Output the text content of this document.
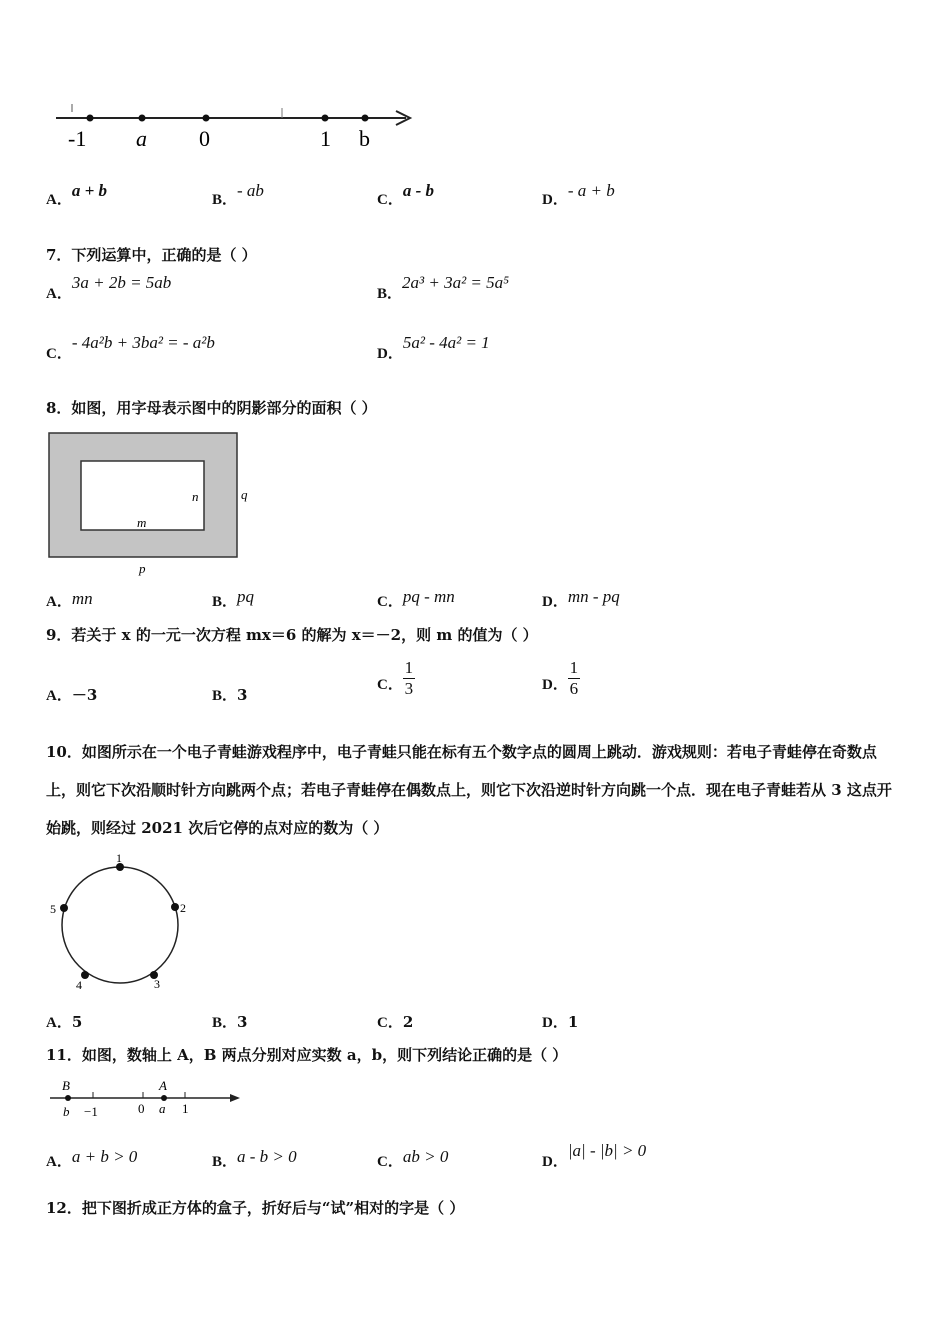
-1 a 0	1 b
A．a + b	B．- ab	C．a - b	D．- a + b
7．下列运算中，正确的是（ ）
A．3a + 2b = 5ab
B．2a³ + 3a² = 5a⁵
C．- 4a²b + 3ba² = - a²b
D．5a² - 4a² = 1
8．如图，用字母表示图中的阴影部分的面积（ ）
n
m
q
p
A．mn	B．pq	C．pq - mn	D．mn - pq
9．若关于 x 的一元一次方程 mx＝6 的解为 x＝－2，则 m 的值为（ ）
A．－3	B．3
C． $\frac{1}{3}$	D． $\frac{1}{6}$
10．如图所示在一个电子青蛙游戏程序中，电子青蛙只能在标有五个数字点的圆周上跳动．游戏规则：若电子青蛙停在奇数点上，则它下次沿顺时针方向跳两个点；若电子青蛙停在偶数点上，则它下次沿逆时针方向跳一个点．现在电子青蛙若从 3 这点开始跳，则经过 2021 次后它停的点对应的数为（ ）
1
2
3
4
5
A．5	B．3	C．2	D．1
11．如图，数轴上 A，B 两点分别对应实数 a，b，则下列结论正确的是（ ）
B	A
b −1	0 a 1
A．a + b > 0	B．a - b > 0	C．ab > 0	D．|a| - |b| > 0
12．把下图折成正方体的盒子，折好后与“试”相对的字是（ ）
